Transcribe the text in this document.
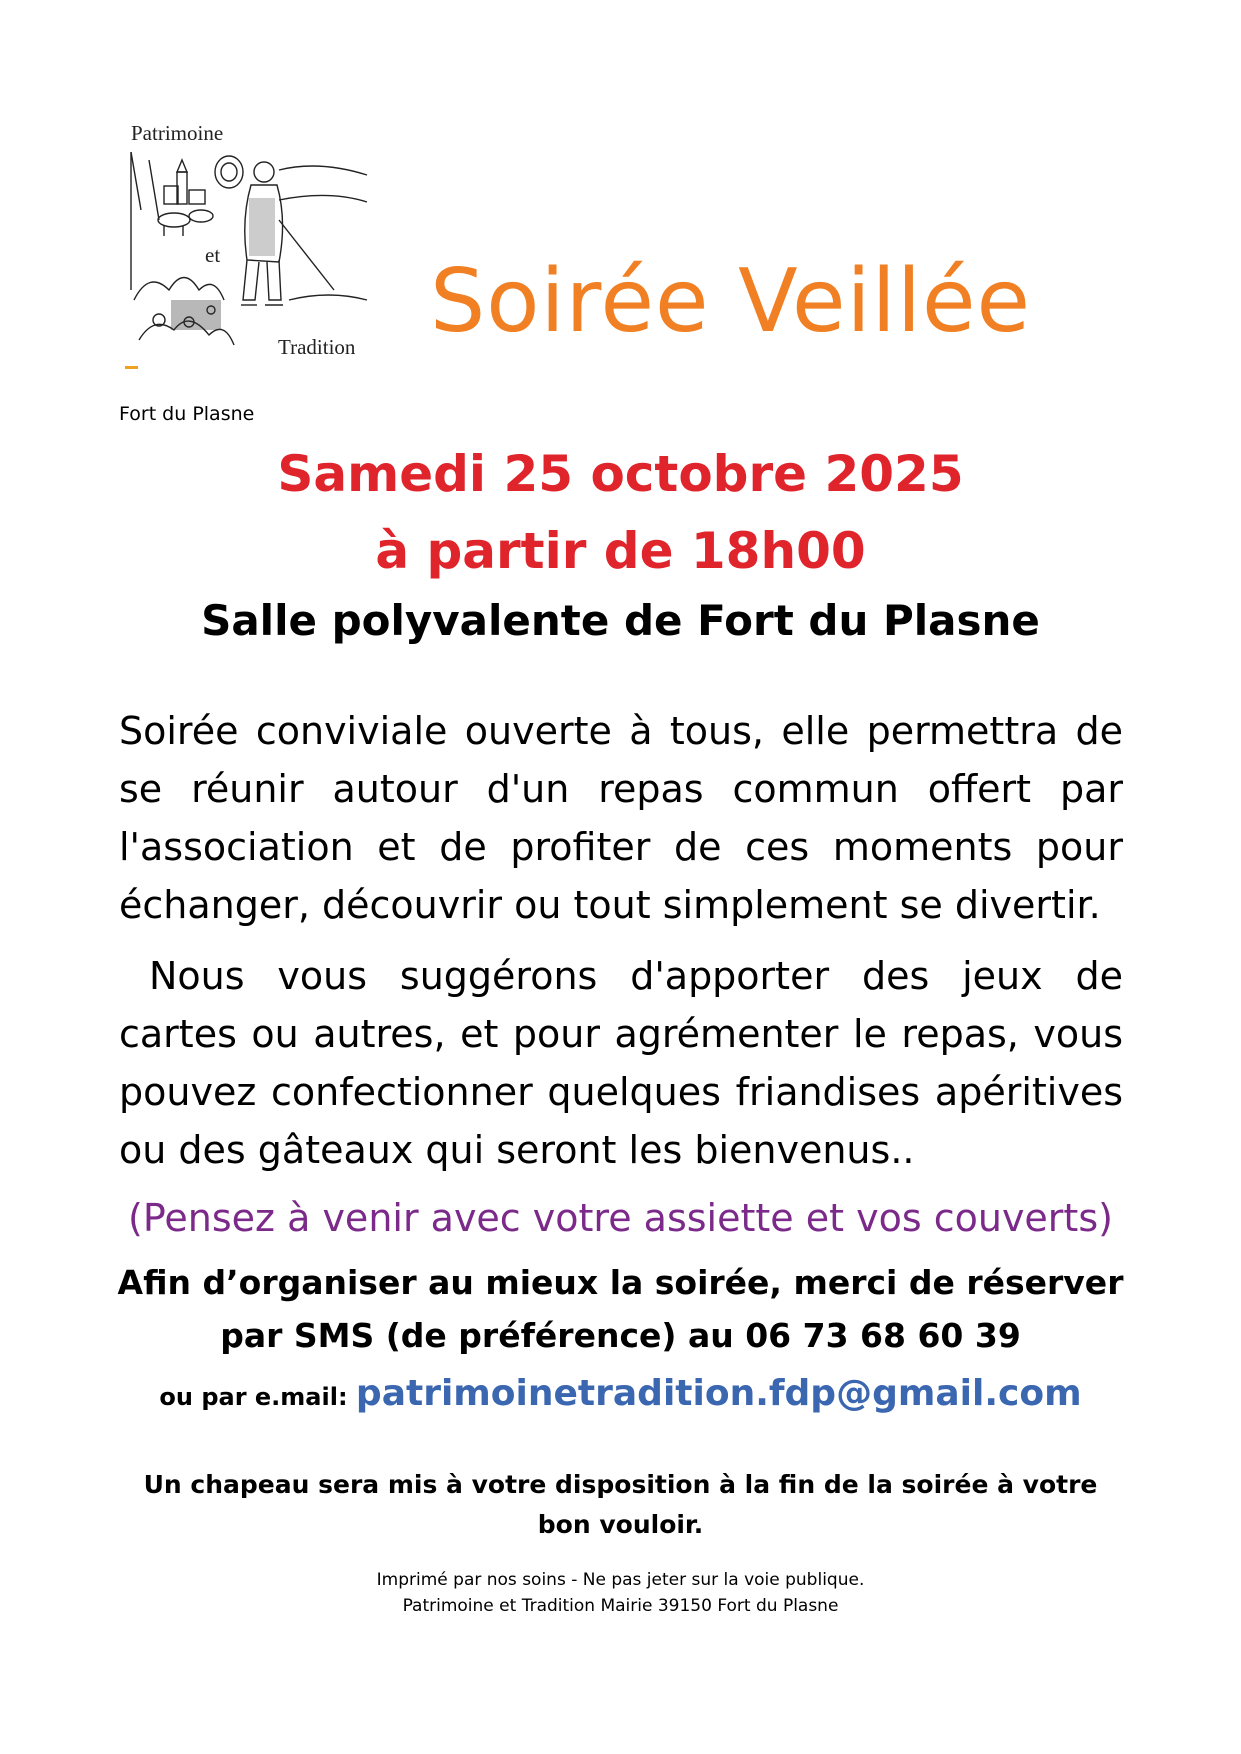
Patrimoine
et
Tradition
Fort du Plasne
Soirée Veillée
Samedi 25 octobre 2025
à partir de 18h00
Salle polyvalente de Fort du Plasne
Soirée conviviale ouverte à tous, elle permettra de
se réunir autour d'un repas commun offert par
l'association et de profiter de ces moments pour
échanger, découvrir ou tout simplement se divertir.
Nous vous suggérons d'apporter des jeux de
cartes ou autres, et pour agrémenter le repas, vous
pouvez confectionner quelques friandises apéritives
ou des gâteaux qui seront les bienvenus..
(Pensez à venir avec votre assiette et vos couverts)
Afin d’organiser au mieux la soirée, merci de réserver
par SMS (de préférence) au 06 73 68 60 39
ou par e.mail: patrimoinetradition.fdp@gmail.com
Un chapeau sera mis à votre disposition à la fin de la soirée à votre
bon vouloir.
Imprimé par nos soins - Ne pas jeter sur la voie publique.
Patrimoine et Tradition Mairie 39150 Fort du Plasne
